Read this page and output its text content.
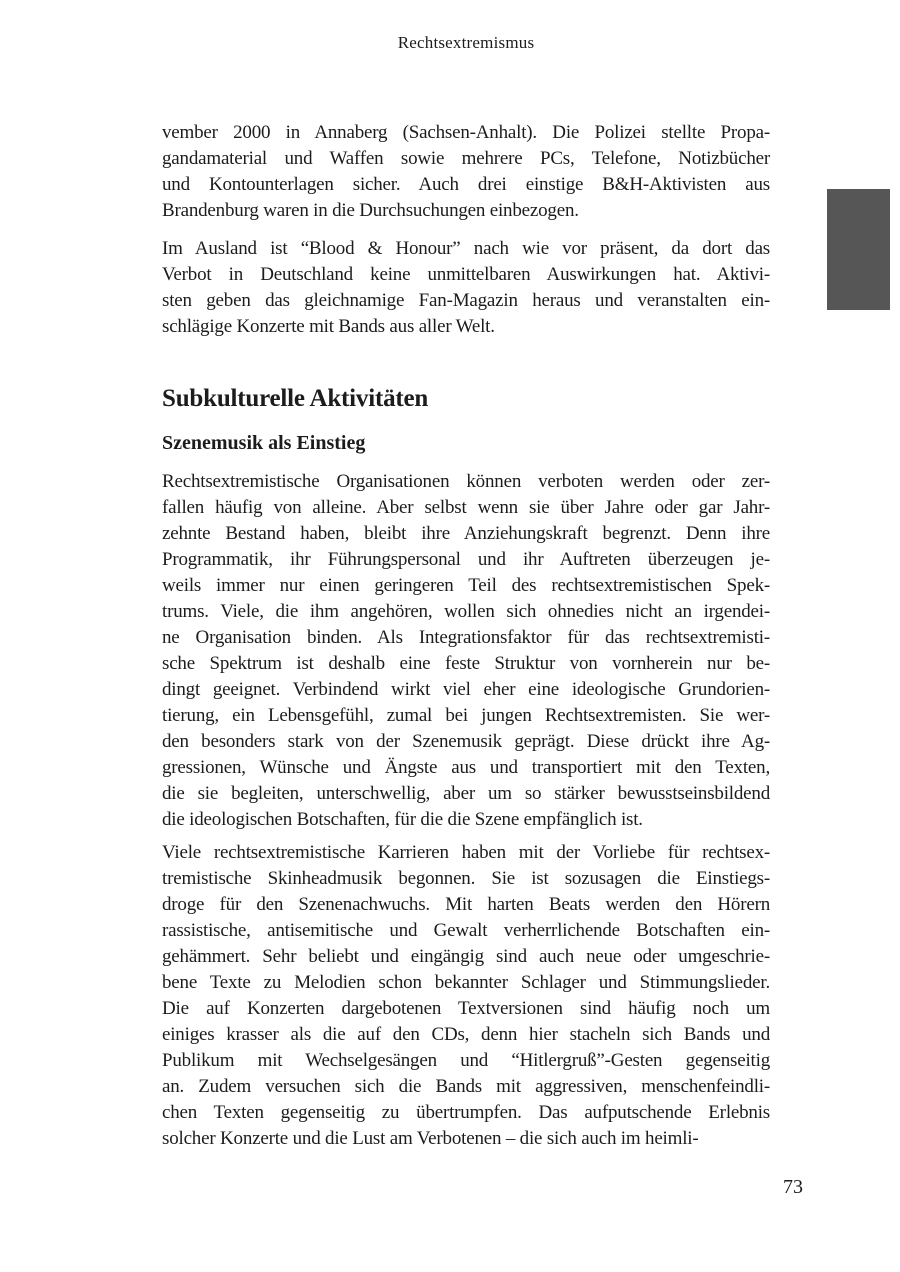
Rechtsextremismus
vember 2000 in Annaberg (Sachsen-Anhalt). Die Polizei stellte Propa-
gandamaterial und Waffen sowie mehrere PCs, Telefone, Notizbücher
und Kontounterlagen sicher. Auch drei einstige B&H-Aktivisten aus
Brandenburg waren in die Durchsuchungen einbezogen.
Im Ausland ist “Blood & Honour” nach wie vor präsent, da dort das
Verbot in Deutschland keine unmittelbaren Auswirkungen hat. Aktivi-
sten geben das gleichnamige Fan-Magazin heraus und veranstalten ein-
schlägige Konzerte mit Bands aus aller Welt.
Subkulturelle Aktivitäten
Szenemusik als Einstieg
Rechtsextremistische Organisationen können verboten werden oder zer-
fallen häufig von alleine. Aber selbst wenn sie über Jahre oder gar Jahr-
zehnte Bestand haben, bleibt ihre Anziehungskraft begrenzt. Denn ihre
Programmatik, ihr Führungspersonal und ihr Auftreten überzeugen je-
weils immer nur einen geringeren Teil des rechtsextremistischen Spek-
trums. Viele, die ihm angehören, wollen sich ohnedies nicht an irgendei-
ne Organisation binden. Als Integrationsfaktor für das rechtsextremisti-
sche Spektrum ist deshalb eine feste Struktur von vornherein nur be-
dingt geeignet. Verbindend wirkt viel eher eine ideologische Grundorien-
tierung, ein Lebensgefühl, zumal bei jungen Rechtsextremisten. Sie wer-
den besonders stark von der Szenemusik geprägt. Diese drückt ihre Ag-
gressionen, Wünsche und Ängste aus und transportiert mit den Texten,
die sie begleiten, unterschwellig, aber um so stärker bewusstseinsbildend
die ideologischen Botschaften, für die die Szene empfänglich ist.
Viele rechtsextremistische Karrieren haben mit der Vorliebe für rechtsex-
tremistische Skinheadmusik begonnen. Sie ist sozusagen die Einstiegs-
droge für den Szenenachwuchs. Mit harten Beats werden den Hörern
rassistische, antisemitische und Gewalt verherrlichende Botschaften ein-
gehämmert. Sehr beliebt und eingängig sind auch neue oder umgeschrie-
bene Texte zu Melodien schon bekannter Schlager und Stimmungslieder.
Die auf Konzerten dargebotenen Textversionen sind häufig noch um
einiges krasser als die auf den CDs, denn hier stacheln sich Bands und
Publikum mit Wechselgesängen und “Hitlergruß”-Gesten gegenseitig
an. Zudem versuchen sich die Bands mit aggressiven, menschenfeindli-
chen Texten gegenseitig zu übertrumpfen. Das aufputschende Erlebnis
solcher Konzerte und die Lust am Verbotenen – die sich auch im heimli-
73
